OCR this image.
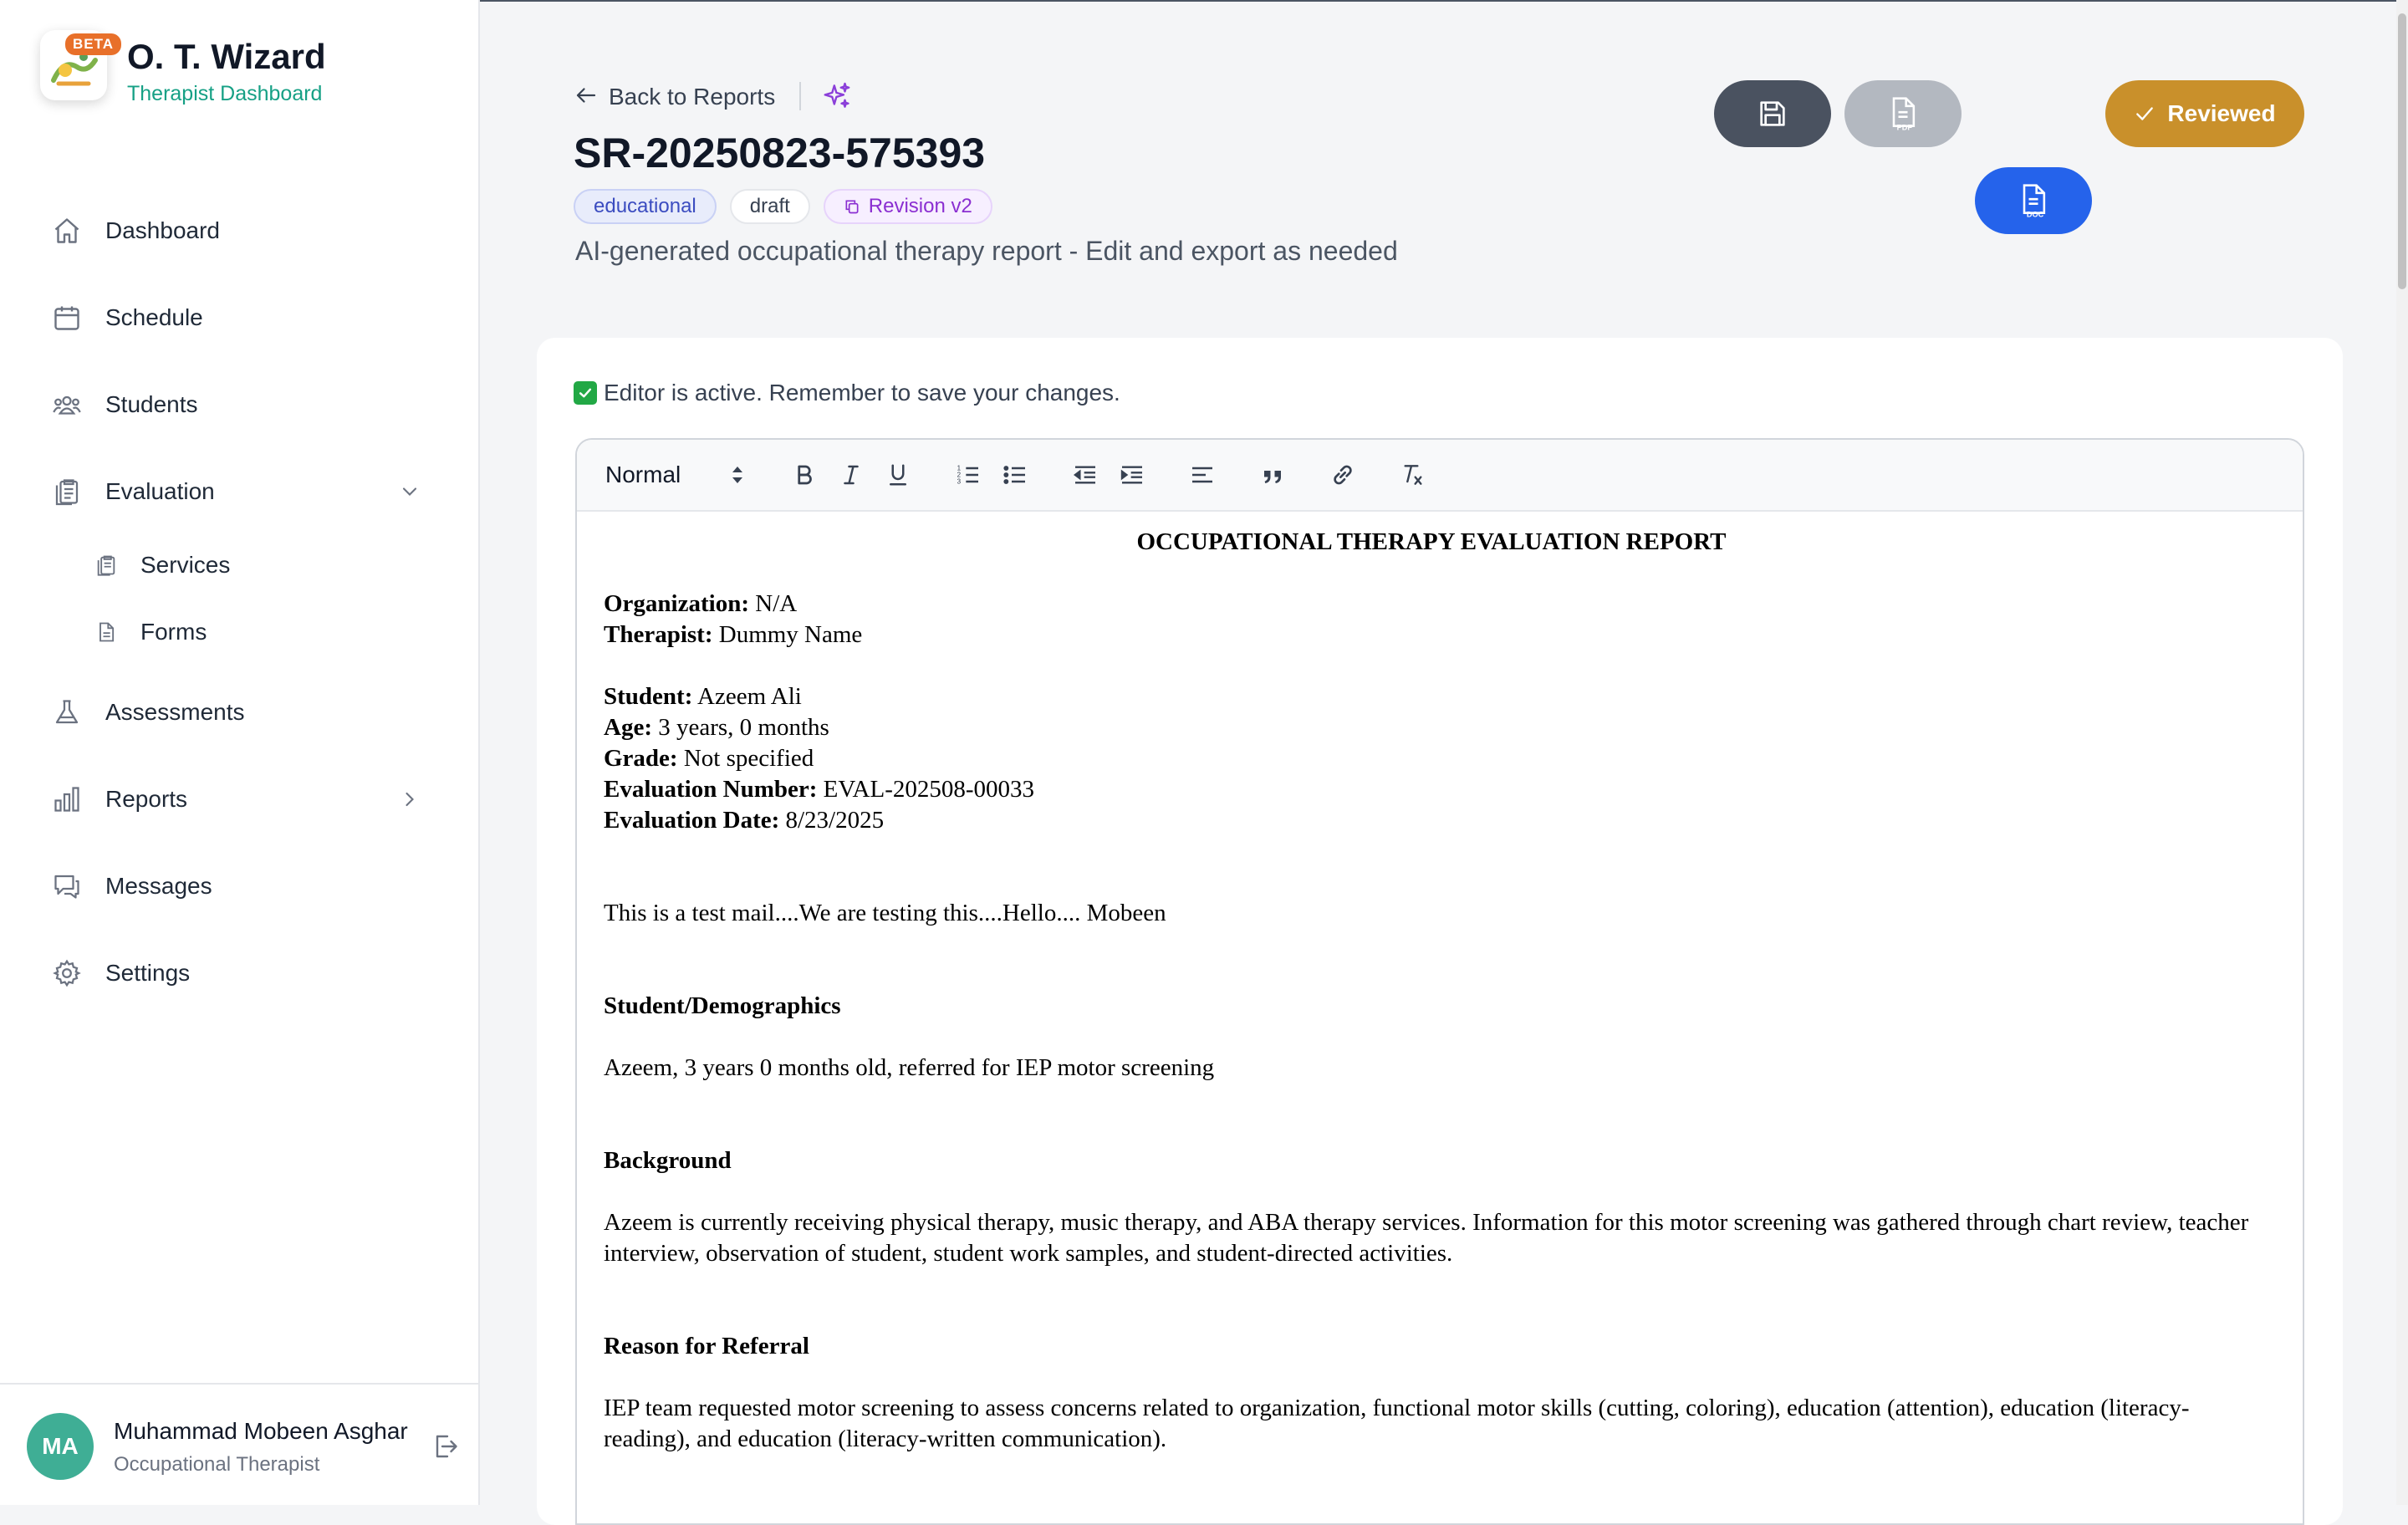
BETA O. T. Wizard
Therapist Dashboard
Dashboard
Schedule
Students
Evaluation
Services
Forms
Assessments
Reports
Messages
Settings
MA
Muhammad Mobeen Asghar
Occupational Therapist
Back to Reports
SR-20250823-575393
educational	draft	Revision v2
AI-generated occupational therapy report - Edit and export as needed
PDF
DOC
Reviewed
Editor is active. Remember to save your changes.
Normal	1
2
3

OCCUPATIONAL THERAPY EVALUATION REPORT

Organization: N/A

Therapist: Dummy Name

Student: Azeem Ali

Age: 3 years, 0 months

Grade: Not specified

Evaluation Number: EVAL-202508-00033

Evaluation Date: 8/23/2025

This is a test mail....We are testing this....Hello.... Mobeen

Student/Demographics

Azeem, 3 years 0 months old, referred for IEP motor screening

Background

Azeem is currently receiving physical therapy, music therapy, and ABA therapy services. Information for this motor screening was gathered through chart review, teacher interview, observation of student, student work samples, and student-directed activities.

Reason for Referral

IEP team requested motor screening to assess concerns related to organization, functional motor skills (cutting, coloring), education (attention), education (literacy-reading), and education (literacy-written communication).
